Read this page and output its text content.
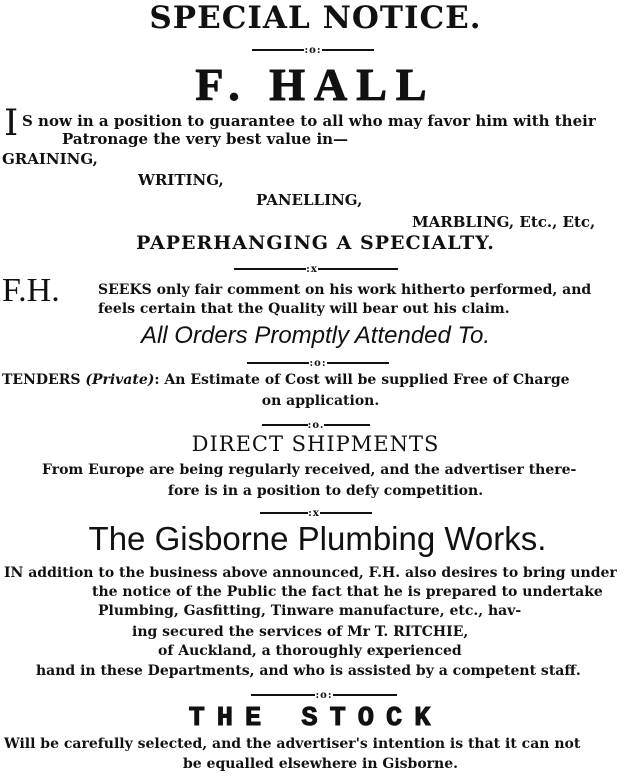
SPECIAL NOTICE.
:o:
F. HALL
I S now in a position to guarantee to all who may favor him with their
Patronage the very best value in—
GRAINING,
WRITING,
PANELLING,
MARBLING, Etc., Etc,
PAPERHANGING A SPECIALTY.
:x
F.H.	SEEKS only fair comment on his work hitherto performed, and
feels certain that the Quality will bear out his claim.
All Orders Promptly Attended To.
:o:
TENDERS (Private): An Estimate of Cost will be supplied Free of Charge
on application.
:o.
DIRECT SHIPMENTS
From Europe are being regularly received, and the advertiser there-
fore is in a position to defy competition.
:x
The Gisborne Plumbing Works.
IN addition to the business above announced, F.H. also desires to bring under
the notice of the Public the fact that he is prepared to undertake
Plumbing, Gasfitting, Tinware manufacture, etc., hav-
ing secured the services of Mr T. RITCHIE,
of Auckland, a thoroughly experienced
hand in these Departments, and who is assisted by a competent staff.
:o:
THE STOCK
Will be carefully selected, and the advertiser's intention is that it can not
be equalled elsewhere in Gisborne.
